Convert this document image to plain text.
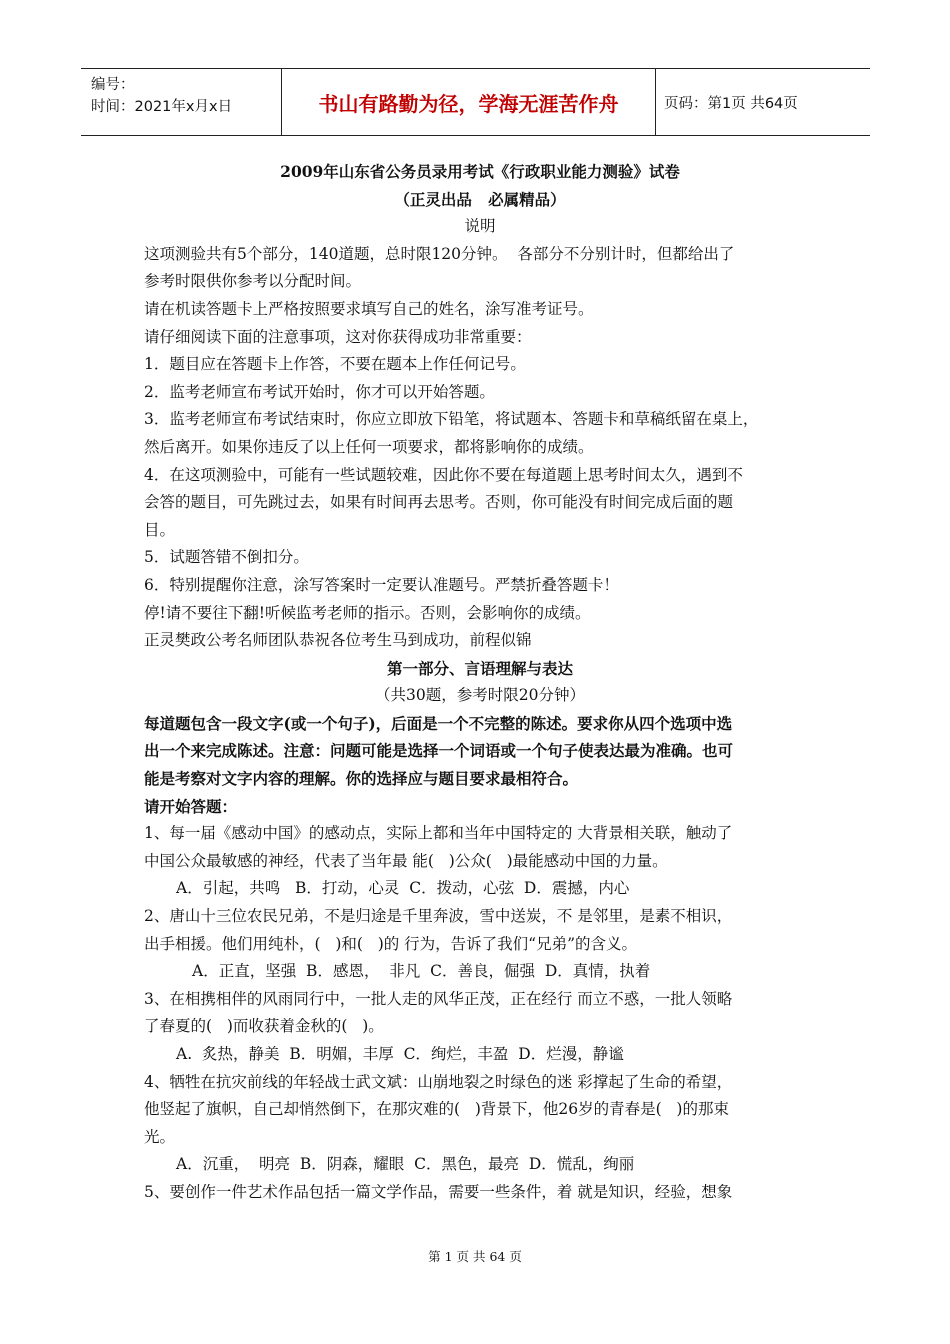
编号：
时间：2021年x月x日	书山有路勤为径，学海无涯苦作舟	页码：第1页 共64页

2009年山东省公务员录用考试《行政职业能力测验》试卷

（正灵出品   必属精品）

说明

这项测验共有5个部分，140道题，总时限120分钟。  各部分不分别计时，但都给出了

参考时限供你参考以分配时间。

请在机读答题卡上严格按照要求填写自己的姓名，涂写准考证号。

请仔细阅读下面的注意事项，这对你获得成功非常重要：

1．题目应在答题卡上作答，不要在题本上作任何记号。

2．监考老师宣布考试开始时，你才可以开始答题。

3．监考老师宣布考试结束时，你应立即放下铅笔，将试题本、答题卡和草稿纸留在桌上，

然后离开。如果你违反了以上任何一项要求，都将影响你的成绩。

4．在这项测验中，可能有一些试题较难，因此你不要在每道题上思考时间太久，遇到不

会答的题目，可先跳过去，如果有时间再去思考。否则，你可能没有时间完成后面的题

目。

5．试题答错不倒扣分。

6．特别提醒你注意，涂写答案时一定要认准题号。严禁折叠答题卡！

停!请不要往下翻!听候监考老师的指示。否则，会影响你的成绩。

正灵樊政公考名师团队恭祝各位考生马到成功，前程似锦

第一部分、言语理解与表达

（共30题，参考时限20分钟）

每道题包含一段文字(或一个句子)，后面是一个不完整的陈述。要求你从四个选项中选

出一个来完成陈述。注意：问题可能是选择一个词语或一个句子使表达最为准确。也可

能是考察对文字内容的理解。你的选择应与题目要求最相符合。

请开始答题：

1、每一届《感动中国》的感动点，实际上都和当年中国特定的 大背景相关联，触动了

中国公众最敏感的神经，代表了当年最 能(   )公众(   )最能感动中国的力量。

A．引起，共鸣   B．打动，心灵  C．拨动，心弦  D．震撼，内心

2、唐山十三位农民兄弟，不是归途是千里奔波，雪中送炭，不 是邻里，是素不相识，

出手相援。他们用纯朴，(   )和(   )的 行为，告诉了我们“兄弟”的含义。

A．正直，坚强  B．感恩，  非凡  C．善良，倔强  D．真情，执着

3、在相携相伴的风雨同行中，一批人走的风华正茂，正在经行 而立不惑，一批人领略

了春夏的(   )而收获着金秋的(   )。

A.  炙热，静美  B．明媚，丰厚  C．绚烂，丰盈  D．烂漫，静谧

4、牺牲在抗灾前线的年轻战士武文斌：山崩地裂之时绿色的迷 彩撑起了生命的希望，

他竖起了旗帜，自己却悄然倒下，在那灾难的(   )背景下，他26岁的青春是(   )的那束

光。

A．沉重，  明亮  B．阴森，耀眼  C．黑色，最亮  D．慌乱，绚丽

5、要创作一件艺术作品包括一篇文学作品，需要一些条件，着 就是知识，经验，想象

第 1 页 共 64 页
